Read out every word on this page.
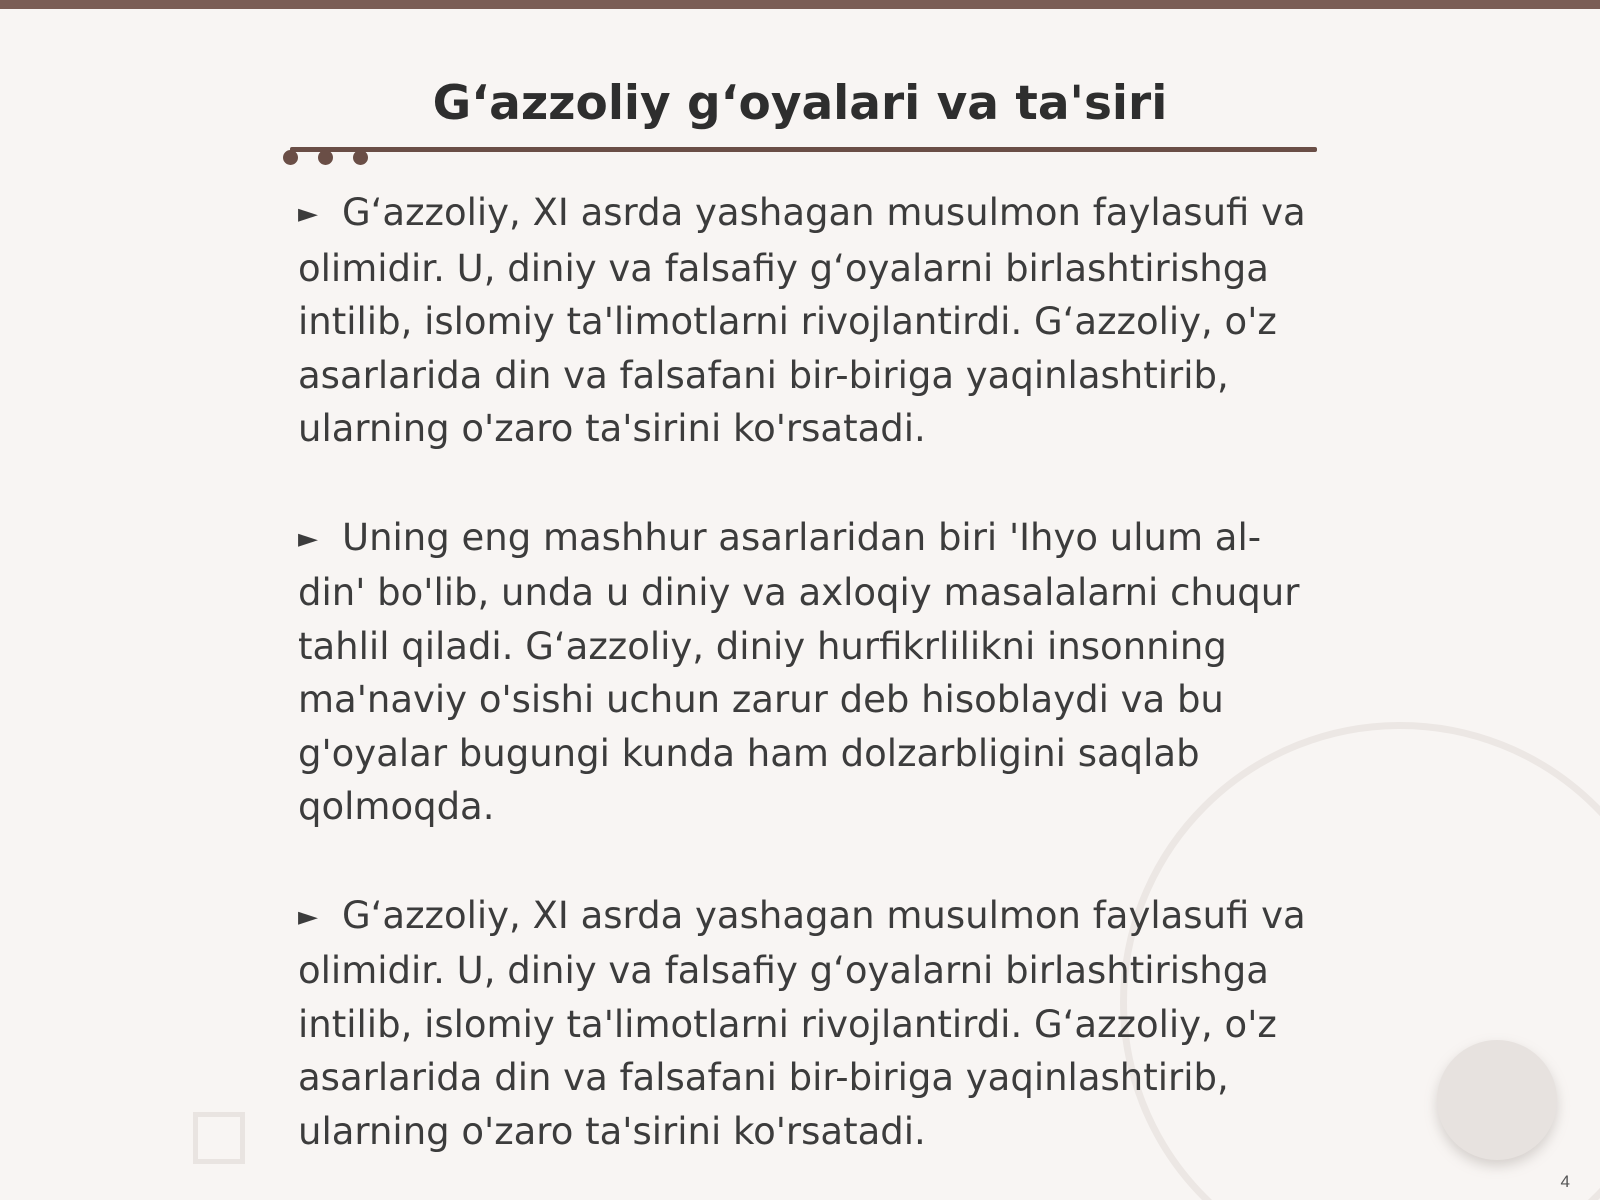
G‘azzoliy g‘oyalari va ta'siri

► G‘azzoliy, XI asrda yashagan musulmon faylasufi va olimidir. U, diniy va falsafiy g‘oyalarni birlashtirishga intilib, islomiy ta'limotlarni rivojlantirdi. G‘azzoliy, o'z asarlarida din va falsafani bir-biriga yaqinlashtirib, ularning o'zaro ta'sirini ko'rsatadi.

► Uning eng mashhur asarlaridan biri 'Ihyo ulum al-din' bo'lib, unda u diniy va axloqiy masalalarni chuqur tahlil qiladi. G‘azzoliy, diniy hurfikrlilikni insonning ma'naviy o'sishi uchun zarur deb hisoblaydi va bu g'oyalar bugungi kunda ham dolzarbligini saqlab qolmoqda.

► G‘azzoliy, XI asrda yashagan musulmon faylasufi va olimidir. U, diniy va falsafiy g‘oyalarni birlashtirishga intilib, islomiy ta'limotlarni rivojlantirdi. G‘azzoliy, o'z asarlarida din va falsafani bir-biriga yaqinlashtirib, ularning o'zaro ta'sirini ko'rsatadi.

4
